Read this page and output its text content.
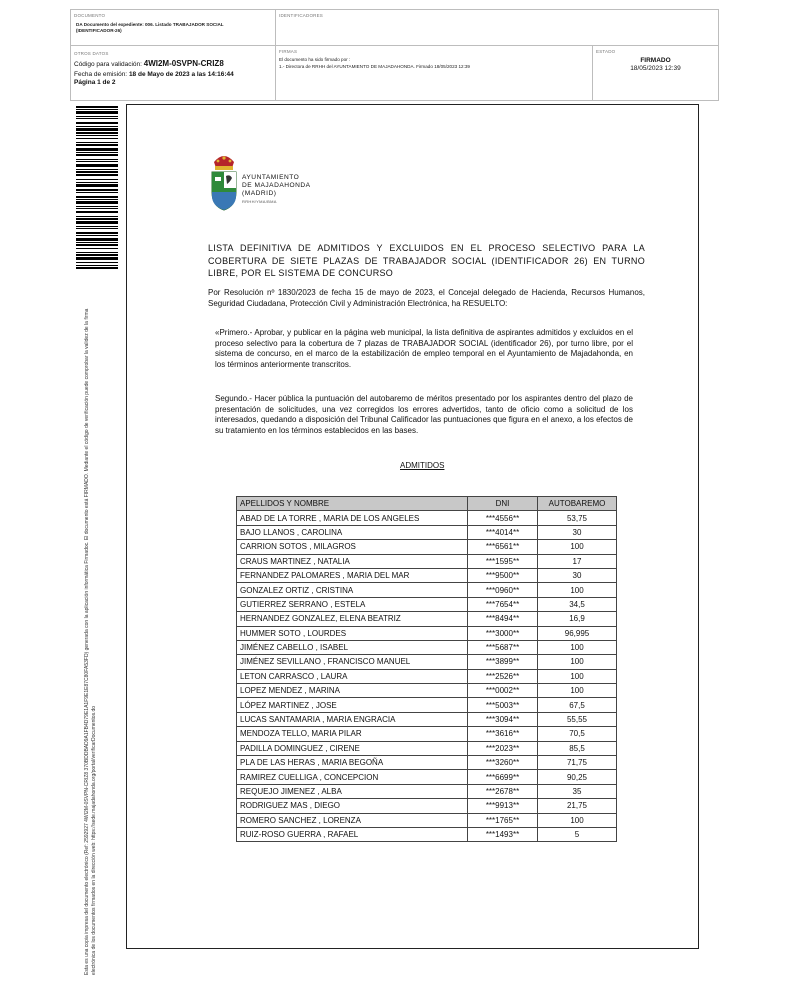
DOCUMENTO
DA Documento del expediente: 006. Listado TRABAJADOR SOCIAL (IDENTIFICADOR-26)
IDENTIFICADORES
OTROS DATOS
Código para validación: 4WI2M-0SVPN-CRIZ8
Fecha de emisión: 18 de Mayo de 2023 a las 14:16:44
Página 1 de 2
FIRMAS
El documento ha sido firmado por :
1.- Directora de RRHH del AYUNTAMIENTO DE MAJADAHONDA. Firmado 18/05/2023 12:39
ESTADO
FIRMADO
18/05/2023 12:39
Esta es una copia impresa del documento electrónico (Ref: 2592927 4WI2M-0SVPN-CRIZ8 370BDDBAD9A1FB4D79E1A1F9E1E87C80FA53FD) generada con la aplicación informática Firmadoc. El documento está FIRMADO. Mediante el código de verificación puede comprobar la validez de la firma electrónica de los documentos firmados en la dirección web: https://sede.majadahonda.org/portal/verificarDocumentos.do
AYUNTAMIENTO
DE MAJADAHONDA
(MADRID)
RRHH/YMA/BMA
LISTA DEFINITIVA DE ADMITIDOS Y EXCLUIDOS EN EL PROCESO SELECTIVO PARA LA COBERTURA DE SIETE PLAZAS DE TRABAJADOR SOCIAL (IDENTIFICADOR 26) EN TURNO LIBRE, POR EL SISTEMA DE CONCURSO
Por Resolución nº 1830/2023 de fecha 15 de mayo de 2023, el Concejal delegado de Hacienda, Recursos Humanos, Seguridad Ciudadana, Protección Civil y Administración Electrónica, ha RESUELTO:
«Primero.- Aprobar, y publicar en la página web municipal, la lista definitiva de aspirantes admitidos y excluidos en el proceso selectivo para la cobertura de 7 plazas de TRABAJADOR SOCIAL (identificador 26), por turno libre, por el sistema de concurso, en el marco de la estabilización de empleo temporal en el Ayuntamiento de Majadahonda, en los términos anteriormente transcritos.
Segundo.- Hacer pública la puntuación del autobaremo de méritos presentado por los aspirantes dentro del plazo de presentación de solicitudes, una vez corregidos los errores advertidos, tanto de oficio como a solicitud de los interesados, quedando a disposición del Tribunal Calificador las puntuaciones que figura en el anexo, a los efectos de su tratamiento en los términos establecidos en las bases.
ADMITIDOS
APELLIDOS Y NOMBRE	DNI	AUTOBAREMO
ABAD DE LA TORRE , MARIA DE LOS ANGELES	***4556**	53,75
BAJO LLANOS , CAROLINA	***4014**	30
CARRION SOTOS , MILAGROS	***6561**	100
CRAUS MARTINEZ , NATALIA	***1595**	17
FERNANDEZ PALOMARES , MARIA DEL MAR	***9500**	30
GONZALEZ ORTIZ , CRISTINA	***0960**	100
GUTIERREZ SERRANO , ESTELA	***7654**	34,5
HERNANDEZ GONZALEZ, ELENA BEATRIZ	***8494**	16,9
HUMMER SOTO , LOURDES	***3000**	96,995
JIMÉNEZ CABELLO , ISABEL	***5687**	100
JIMÉNEZ SEVILLANO , FRANCISCO MANUEL	***3899**	100
LETON CARRASCO , LAURA	***2526**	100
LOPEZ MENDEZ , MARINA	***0002**	100
LÓPEZ MARTINEZ , JOSE	***5003**	67,5
LUCAS SANTAMARIA , MARIA ENGRACIA	***3094**	55,55
MENDOZA TELLO, MARIA PILAR	***3616**	70,5
PADILLA DOMINGUEZ , CIRENE	***2023**	85,5
PLA DE LAS HERAS , MARIA BEGOÑA	***3260**	71,75
RAMIREZ CUELLIGA , CONCEPCION	***6699**	90,25
REQUEJO JIMENEZ , ALBA	***2678**	35
RODRIGUEZ MAS , DIEGO	***9913**	21,75
ROMERO SANCHEZ , LORENZA	***1765**	100
RUIZ-ROSO GUERRA , RAFAEL	***1493**	5
